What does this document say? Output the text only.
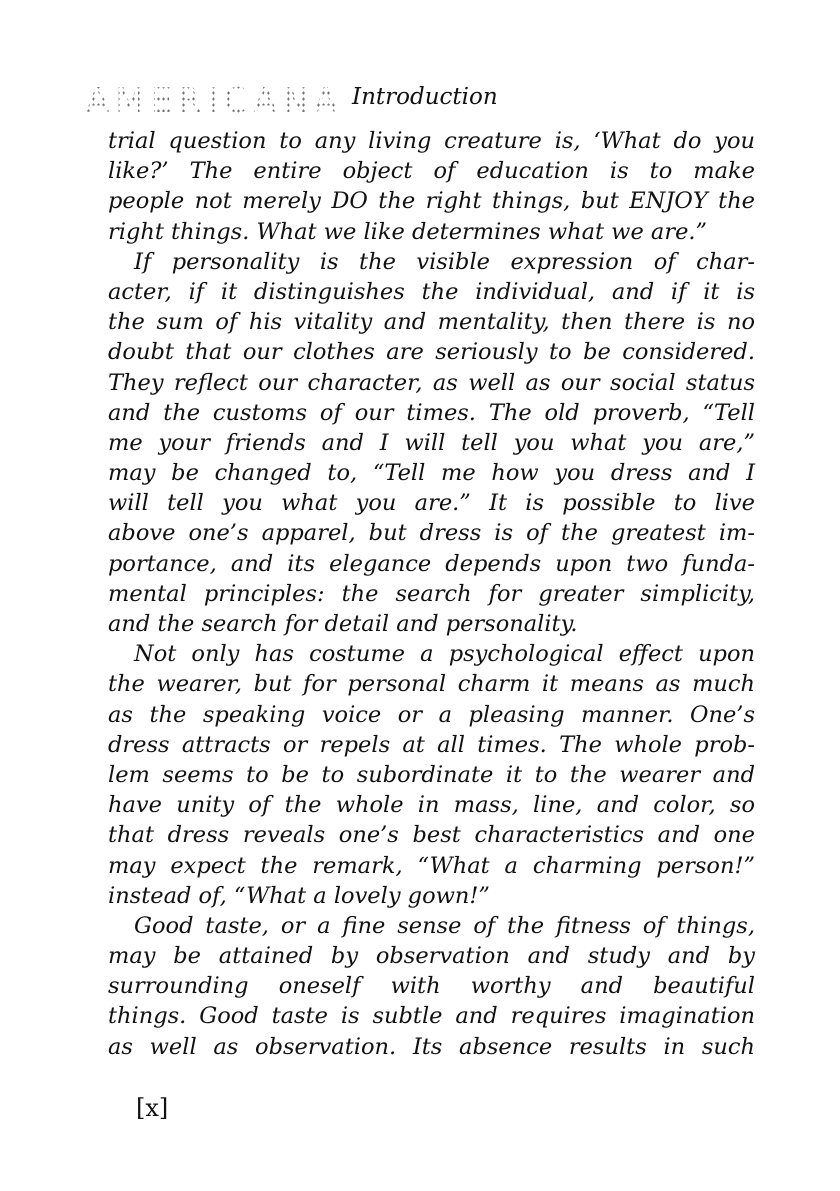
AMERICANA Introduction
trial question to any living creature is, ‘What do you
like?’ The entire object of education is to make
people not merely DO the right things, but ENJOY the
right things. What we like determines what we are.”
If personality is the visible expression of char-
acter, if it distinguishes the individual, and if it is
the sum of his vitality and mentality, then there is no
doubt that our clothes are seriously to be considered.
They reflect our character, as well as our social status
and the customs of our times. The old proverb, “Tell
me your friends and I will tell you what you are,”
may be changed to, “Tell me how you dress and I
will tell you what you are.” It is possible to live
above one’s apparel, but dress is of the greatest im-
portance, and its elegance depends upon two funda-
mental principles: the search for greater simplicity,
and the search for detail and personality.
Not only has costume a psychological effect upon
the wearer, but for personal charm it means as much
as the speaking voice or a pleasing manner. One’s
dress attracts or repels at all times. The whole prob-
lem seems to be to subordinate it to the wearer and
have unity of the whole in mass, line, and color, so
that dress reveals one’s best characteristics and one
may expect the remark, “What a charming person!”
instead of, “What a lovely gown!”
Good taste, or a fine sense of the fitness of things,
may be attained by observation and study and by
surrounding oneself with worthy and beautiful
things. Good taste is subtle and requires imagination
as well as observation. Its absence results in such
[x]
